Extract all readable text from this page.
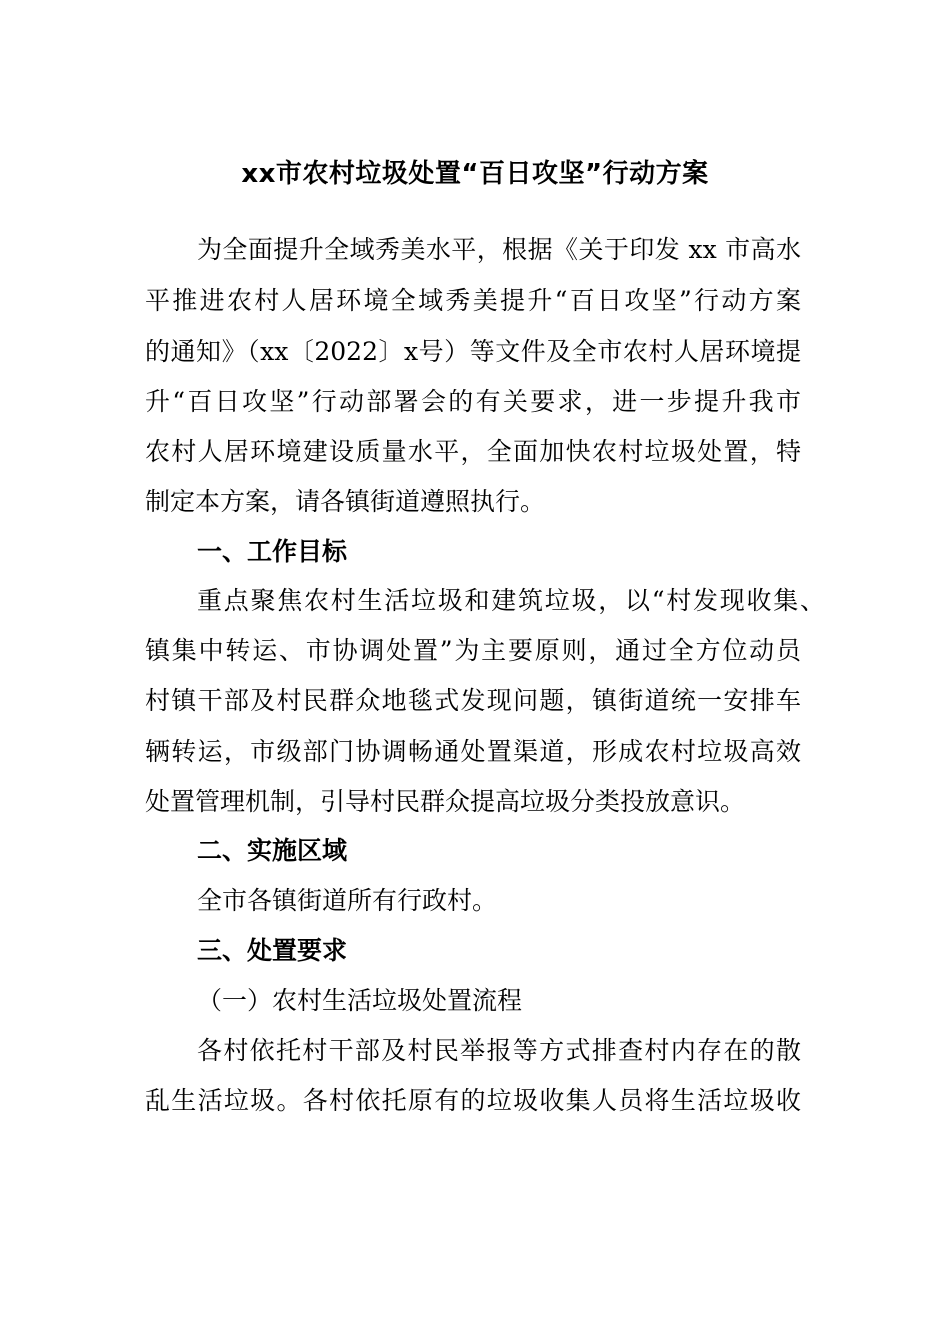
xx市农村垃圾处置“百日攻坚”行动方案
为全面提升全域秀美水平，根据《关于印发 xx 市高水
平推进农村人居环境全域秀美提升“百日攻坚”行动方案
的通知》（xx〔2022〕x号）等文件及全市农村人居环境提
升“百日攻坚”行动部署会的有关要求，进一步提升我市
农村人居环境建设质量水平，全面加快农村垃圾处置，特
制定本方案，请各镇街道遵照执行。
一、工作目标
重点聚焦农村生活垃圾和建筑垃圾，以“村发现收集、
镇集中转运、市协调处置”为主要原则，通过全方位动员
村镇干部及村民群众地毯式发现问题，镇街道统一安排车
辆转运，市级部门协调畅通处置渠道，形成农村垃圾高效
处置管理机制，引导村民群众提高垃圾分类投放意识。
二、实施区域
全市各镇街道所有行政村。
三、处置要求
（一）农村生活垃圾处置流程
各村依托村干部及村民举报等方式排查村内存在的散
乱生活垃圾。各村依托原有的垃圾收集人员将生活垃圾收
